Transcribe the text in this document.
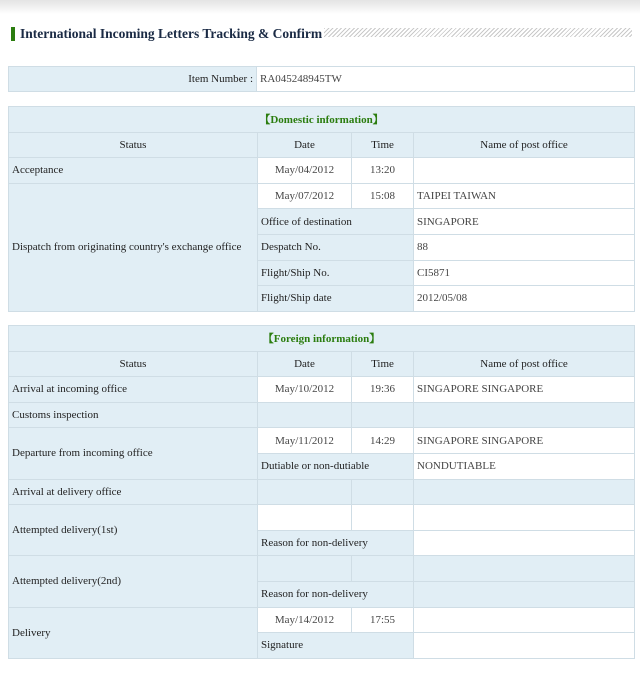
International Incoming Letters Tracking & Confirm
Item Number :	RA045248945TW
【Domestic information】			
Status	Date	Time	Name of post office
Acceptance	May/04/2012	13:20	
Dispatch from originating country's exchange office	May/07/2012	15:08	TAIPEI TAIWAN
	Office of destination		SINGAPORE
	Despatch No.		88
	Flight/Ship No.		CI5871
	Flight/Ship date		2012/05/08
【Foreign information】			
Status	Date	Time	Name of post office
Arrival at incoming office	May/10/2012	19:36	SINGAPORE SINGAPORE
Customs inspection			
Departure from incoming office	May/11/2012	14:29	SINGAPORE SINGAPORE
	Dutiable or non-dutiable		NONDUTIABLE
Arrival at delivery office			
Attempted delivery(1st)			
	Reason for non-delivery		
Attempted delivery(2nd)			
	Reason for non-delivery		
Delivery	May/14/2012	17:55	
	Signature		
